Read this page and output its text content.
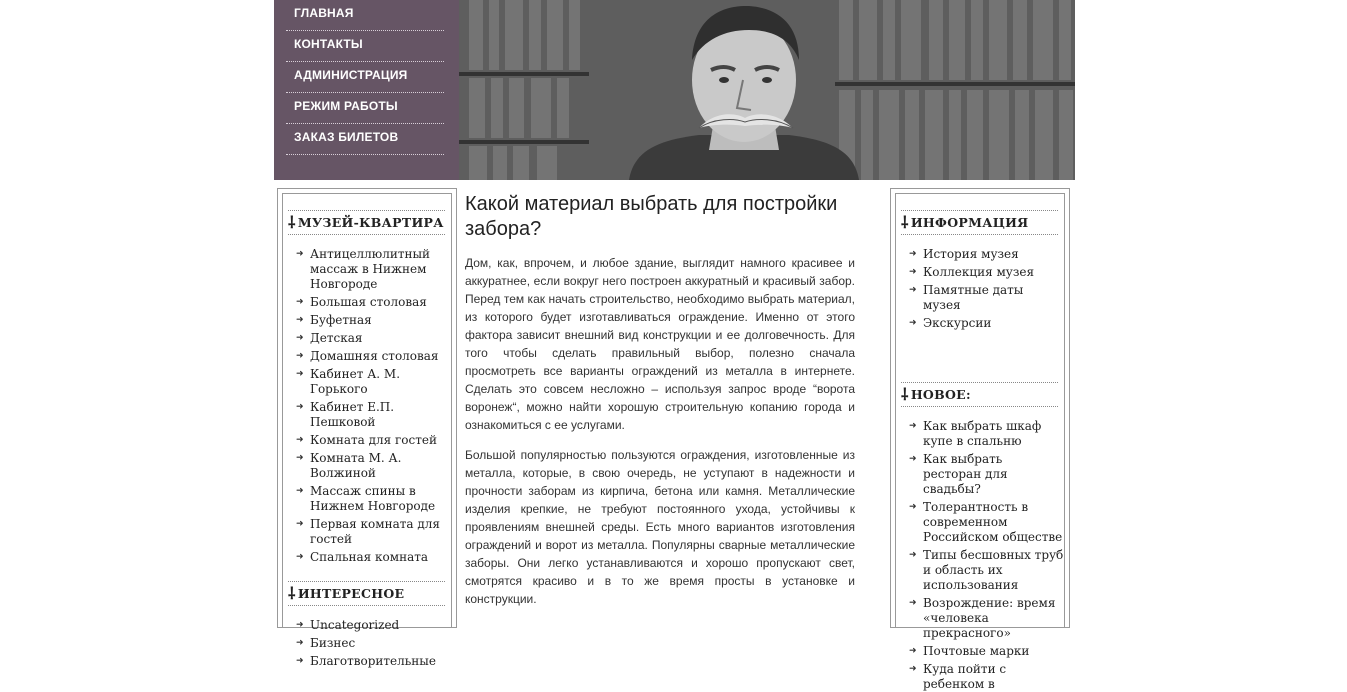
ГЛАВНАЯ
КОНТАКТЫ
АДМИНИСТРАЦИЯ
РЕЖИМ РАБОТЫ
ЗАКАЗ БИЛЕТОВ
⸸ МУЗЕЙ-КВАРТИРА
➜ Антицеллюлитный массаж в Нижнем Новгороде
➜ Большая столовая
➜ Буфетная
➜ Детская
➜ Домашняя столовая
➜ Кабинет А. М. Горького
➜ Кабинет Е.П. Пешковой
➜ Комната для гостей
➜ Комната М. А. Волжиной
➜ Массаж спины в Нижнем Новгороде
➜ Первая комната для гостей
➜ Спальная комната
⸸ ИНТЕРЕСНОЕ
➜ Uncategorized
➜ Бизнес
➜ Благотворительные
Какой материал выбрать для постройки забора?

Дом, как, впрочем, и любое здание, выглядит намного красивее и аккуратнее, если вокруг него построен аккуратный и красивый забор. Перед тем как начать строительство, необходимо выбрать материал, из которого будет изготавливаться ограждение. Именно от этого фактора зависит внешний вид конструкции и ее долговечность. Для того чтобы сделать правильный выбор, полезно сначала просмотреть все варианты ограждений из металла в интернете. Сделать это совсем несложно – используя запрос вроде “ворота воронеж“, можно найти хорошую строительную копанию города и ознакомиться с ее услугами.

Большой популярностью пользуются ограждения, изготовленные из металла, которые, в свою очередь, не уступают в надежности и прочности заборам из кирпича, бетона или камня. Металлические изделия крепкие, не требуют постоянного ухода, устойчивы к проявлениям внешней среды. Есть много вариантов изготовления ограждений и ворот из металла. Популярны сварные металлические заборы. Они легко устанавливаются и хорошо пропускают свет, смотрятся красиво и в то же время просты в установке и конструкции.

⸸ ИНФОРМАЦИЯ
➜ История музея
➜ Коллекция музея
➜ Памятные даты музея
➜ Экскурсии
⸸ НОВОЕ:
➜ Как выбрать шкаф купе в спальню
➜ Как выбрать ресторан для свадьбы?
➜ Толерантность в современном Российском обществе
➜ Типы бесшовных труб и область их использования
➜ Возрождение: время «человека прекрасного»
➜ Почтовые марки
➜ Куда пойти с ребенком в
